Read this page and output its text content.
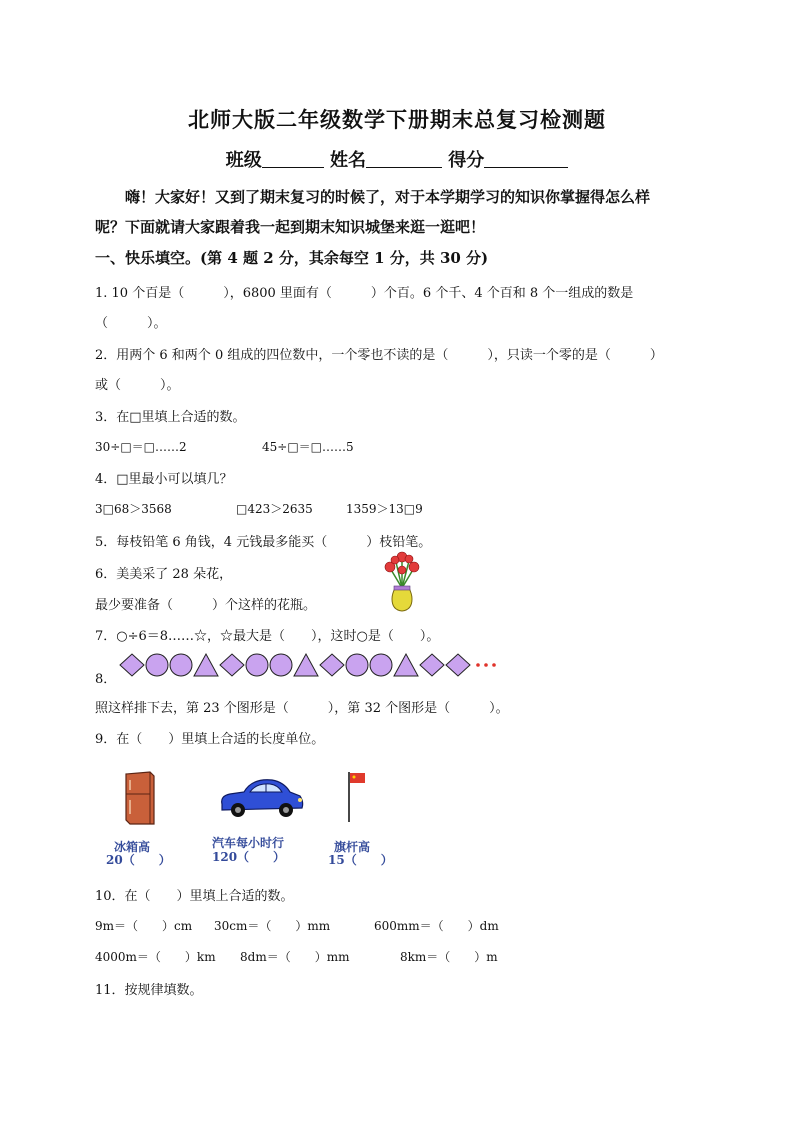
北师大版二年级数学下册期末总复习检测题
班级	姓名	得分
嗨！大家好！又到了期末复习的时候了，对于本学期学习的知识你掌握得怎么样
呢？下面就请大家跟着我一起到期末知识城堡来逛一逛吧！
一、快乐填空。(第 4 题 2 分，其余每空 1 分，共 30 分)
1. 10 个百是（　　　），6800 里面有（　　　）个百。6 个千、4 个百和 8 个一组成的数是
（　　　）。
2．用两个 6 和两个 0 组成的四位数中，一个零也不读的是（　　　），只读一个零的是（　　　）
或（　　　）。
3．在□里填上合适的数。
30÷□＝□……2	45÷□＝□……5
4．□里最小可以填几？
3□68＞3568	□423＞2635	1359＞13□9
5．每枝铅笔 6 角钱，4 元钱最多能买（　　　）枝铅笔。
6．美美采了 28 朵花，
最少要准备（　　　）个这样的花瓶。
7．○÷6＝8……☆，☆最大是（　　），这时○是（　　）。
8．
照这样排下去，第 23 个图形是（　　　），第 32 个图形是（　　　）。
9．在（　　）里填上合适的长度单位。
冰箱高
20（　　）
汽车每小时行
120（　　）
旗杆高
15（　　）
10．在（　　）里填上合适的数。
9m＝（　　）cm 30cm＝（　　）mm	600mm＝（　　）dm
4000m＝（　　）km 8dm＝（　　）mm	8km＝（　　）m
11．按规律填数。
